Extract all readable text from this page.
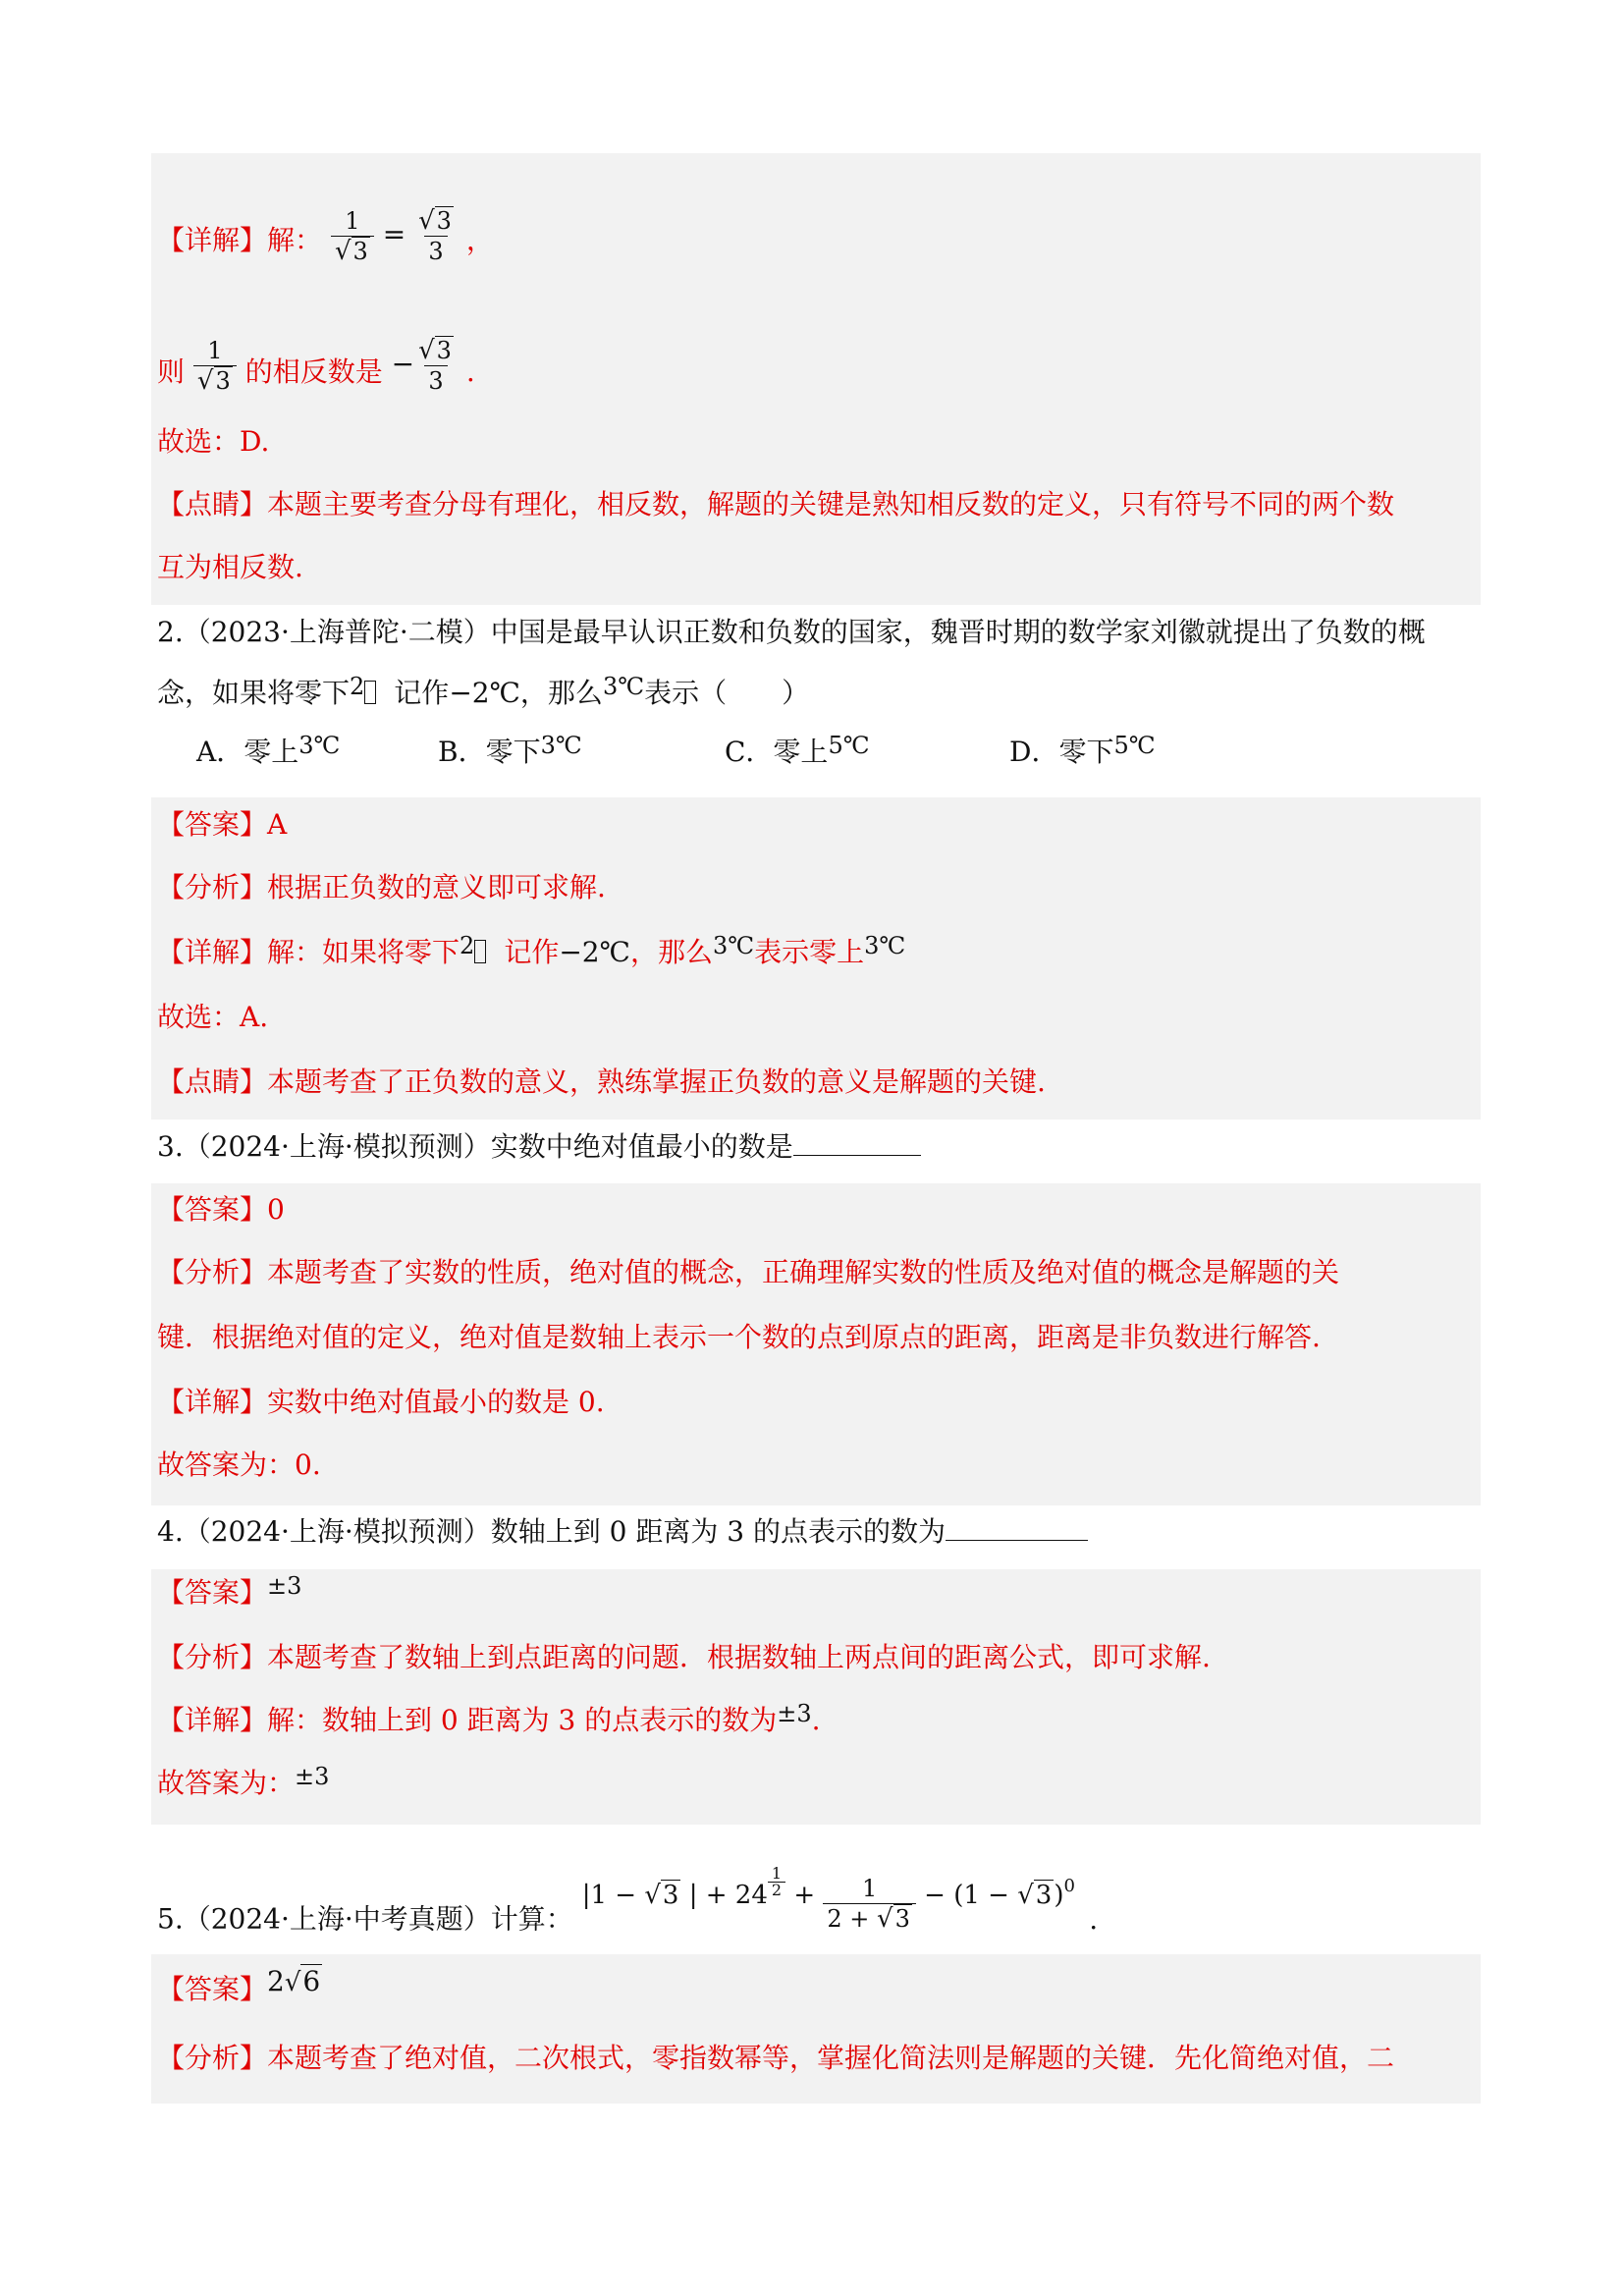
【详解】解： $\frac{1}{√3} = \frac{√3}{3}$ ，
则 $\frac{1}{√3}$ 的相反数是 − $\frac{√3}{3}$ .
故选：D.
【点睛】本题主要考查分母有理化，相反数，解题的关键是熟知相反数的定义，只有符号不同的两个数
互为相反数.
2.（2023·上海普陀·二模）中国是最早认识正数和负数的国家，魏晋时期的数学家刘徽就提出了负数的概
念，如果将零下2 记作−2℃，那么3℃表示（　　）
A．零上3℃	B．零下3℃	C．零上5℃	D．零下5℃
【答案】A
【分析】根据正负数的意义即可求解.
【详解】解：如果将零下2 记作−2℃，那么3℃表示零上3℃
故选：A.
【点睛】本题考查了正负数的意义，熟练掌握正负数的意义是解题的关键.
3.（2024·上海·模拟预测）实数中绝对值最小的数是
【答案】0
【分析】本题考查了实数的性质，绝对值的概念，正确理解实数的性质及绝对值的概念是解题的关
键．根据绝对值的定义，绝对值是数轴上表示一个数的点到原点的距离，距离是非负数进行解答.
【详解】实数中绝对值最小的数是 0.
故答案为：0.
4.（2024·上海·模拟预测）数轴上到 0 距离为 3 的点表示的数为
【答案】±3
【分析】本题考查了数轴上到点距离的问题．根据数轴上两点间的距离公式，即可求解.
【详解】解：数轴上到 0 距离为 3 的点表示的数为±3.
故答案为：±3
5.（2024·上海·中考真题）计算： |1 − √3 | + $24 \frac{1}{2} + \frac{1}{2 + √3} - (1 - √3)^0$ .
【答案】2√6
【分析】本题考查了绝对值，二次根式，零指数幂等，掌握化简法则是解题的关键．先化简绝对值，二
